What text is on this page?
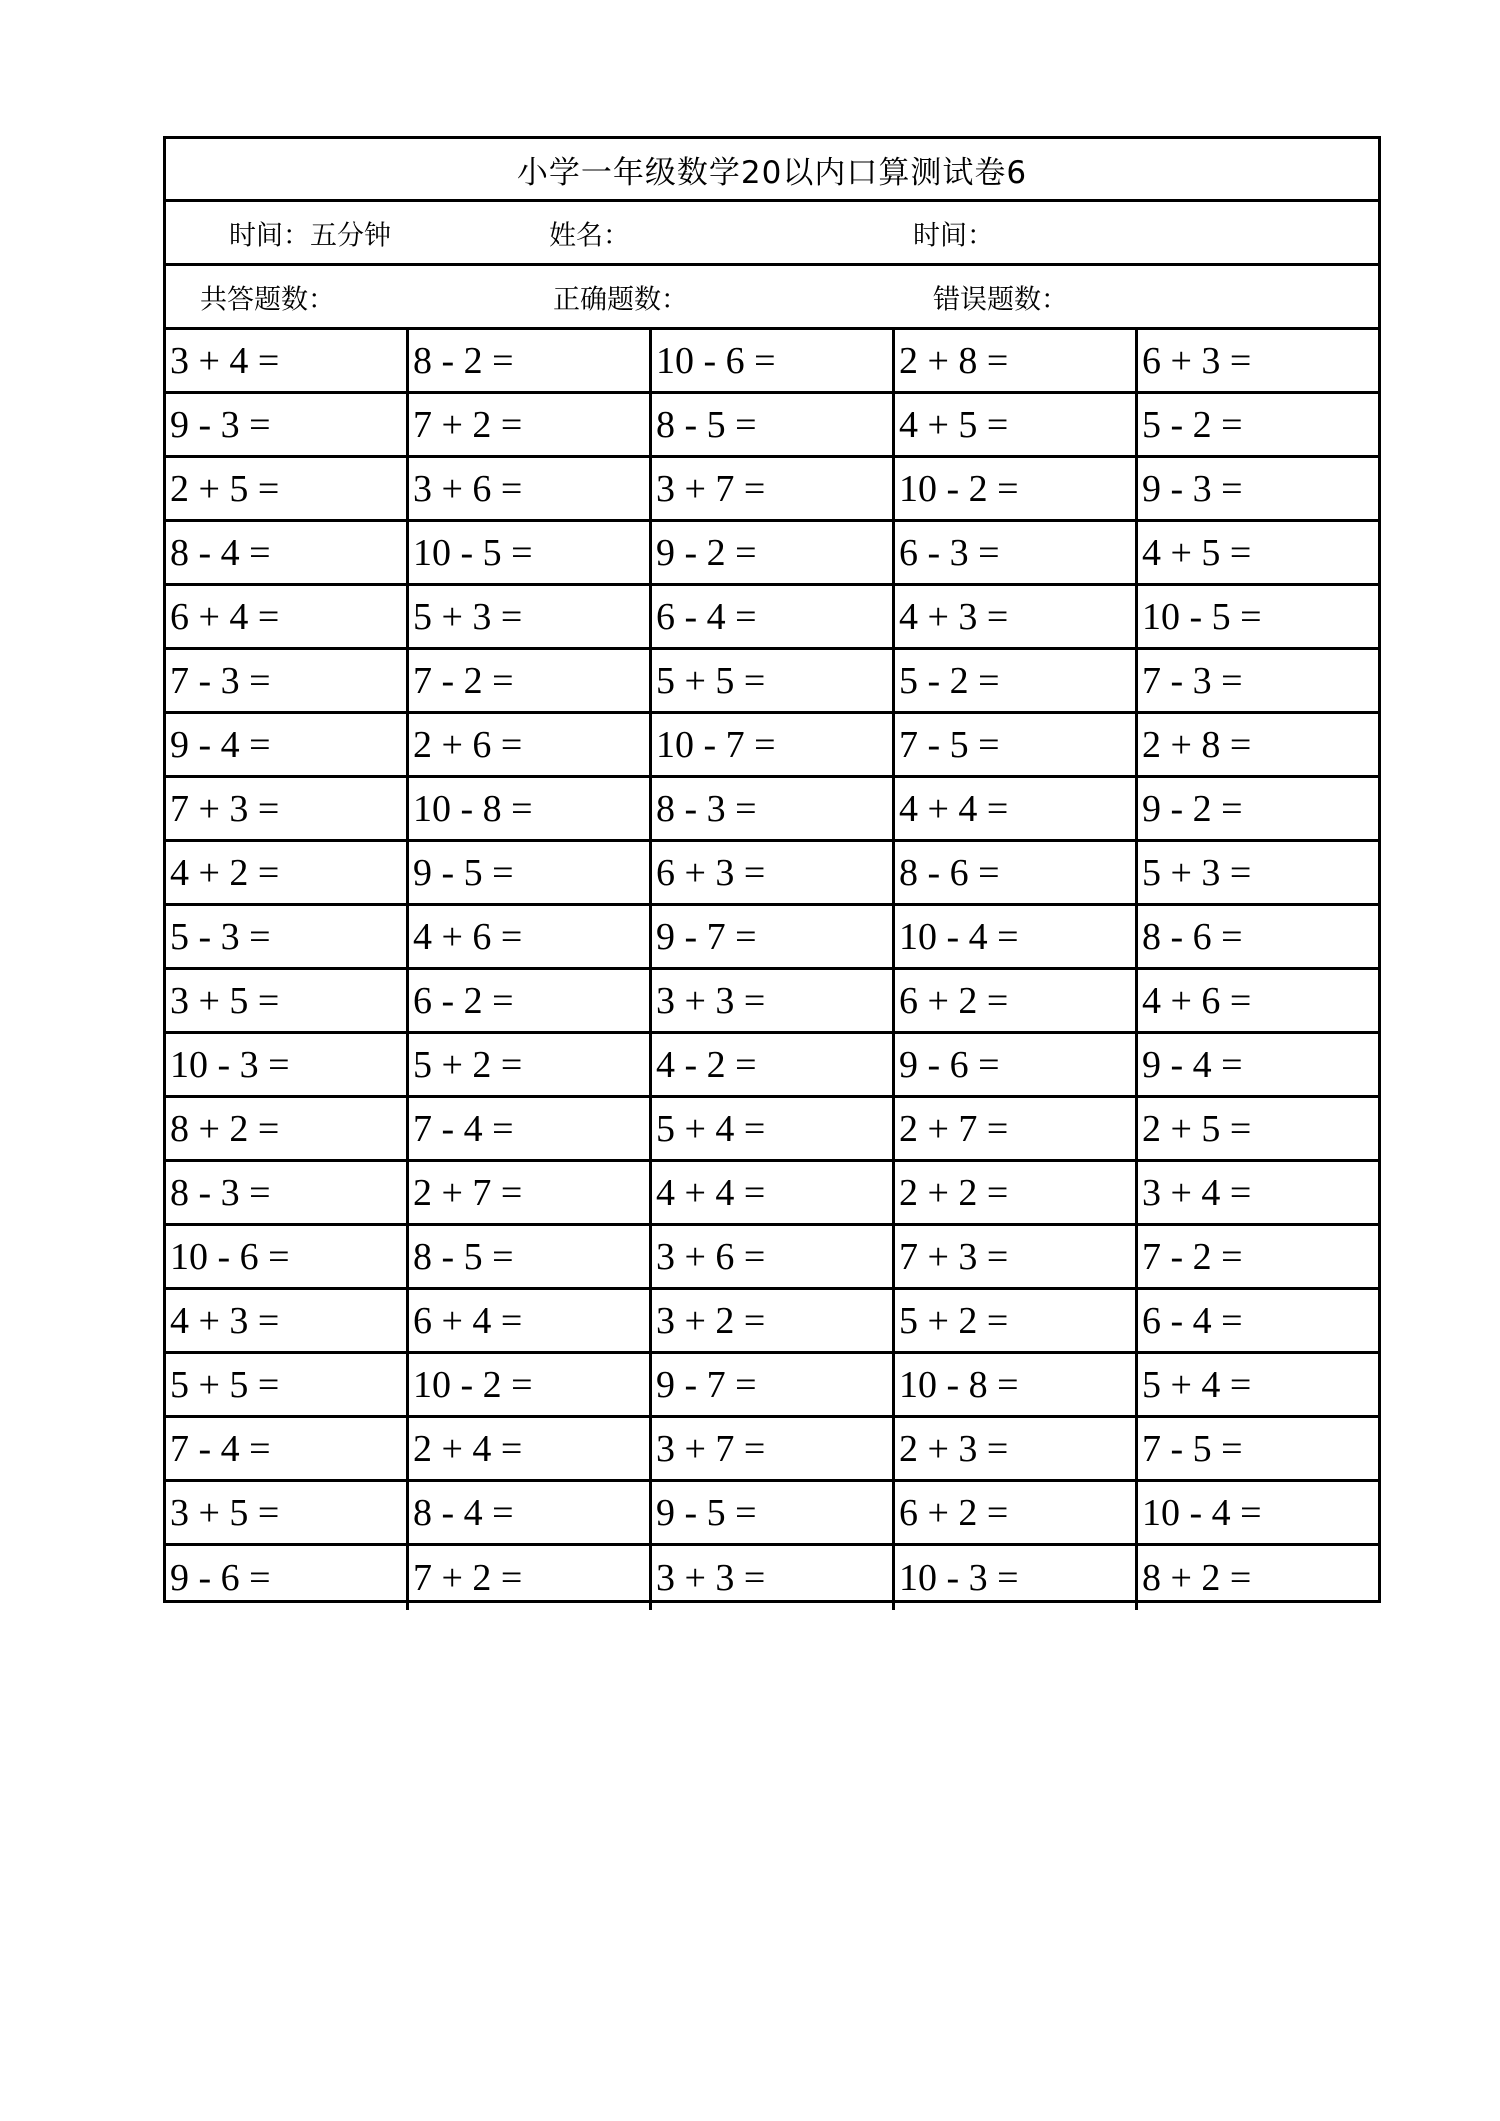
小学一年级数学20以内口算测试卷6
时间：五分钟	姓名：	时间：
共答题数：	正确题数：	错误题数：
3 + 4 =	8 - 2 =	10 - 6 =	2 + 8 =	6 + 3 =
9 - 3 =	7 + 2 =	8 - 5 =	4 + 5 =	5 - 2 =
2 + 5 =	3 + 6 =	3 + 7 =	10 - 2 =	9 - 3 =
8 - 4 =	10 - 5 =	9 - 2 =	6 - 3 =	4 + 5 =
6 + 4 =	5 + 3 =	6 - 4 =	4 + 3 =	10 - 5 =
7 - 3 =	7 - 2 =	5 + 5 =	5 - 2 =	7 - 3 =
9 - 4 =	2 + 6 =	10 - 7 =	7 - 5 =	2 + 8 =
7 + 3 =	10 - 8 =	8 - 3 =	4 + 4 =	9 - 2 =
4 + 2 =	9 - 5 =	6 + 3 =	8 - 6 =	5 + 3 =
5 - 3 =	4 + 6 =	9 - 7 =	10 - 4 =	8 - 6 =
3 + 5 =	6 - 2 =	3 + 3 =	6 + 2 =	4 + 6 =
10 - 3 =	5 + 2 =	4 - 2 =	9 - 6 =	9 - 4 =
8 + 2 =	7 - 4 =	5 + 4 =	2 + 7 =	2 + 5 =
8 - 3 =	2 + 7 =	4 + 4 =	2 + 2 =	3 + 4 =
10 - 6 =	8 - 5 =	3 + 6 =	7 + 3 =	7 - 2 =
4 + 3 =	6 + 4 =	3 + 2 =	5 + 2 =	6 - 4 =
5 + 5 =	10 - 2 =	9 - 7 =	10 - 8 =	5 + 4 =
7 - 4 =	2 + 4 =	3 + 7 =	2 + 3 =	7 - 5 =
3 + 5 =	8 - 4 =	9 - 5 =	6 + 2 =	10 - 4 =
9 - 6 =	7 + 2 =	3 + 3 =	10 - 3 =	8 + 2 =
